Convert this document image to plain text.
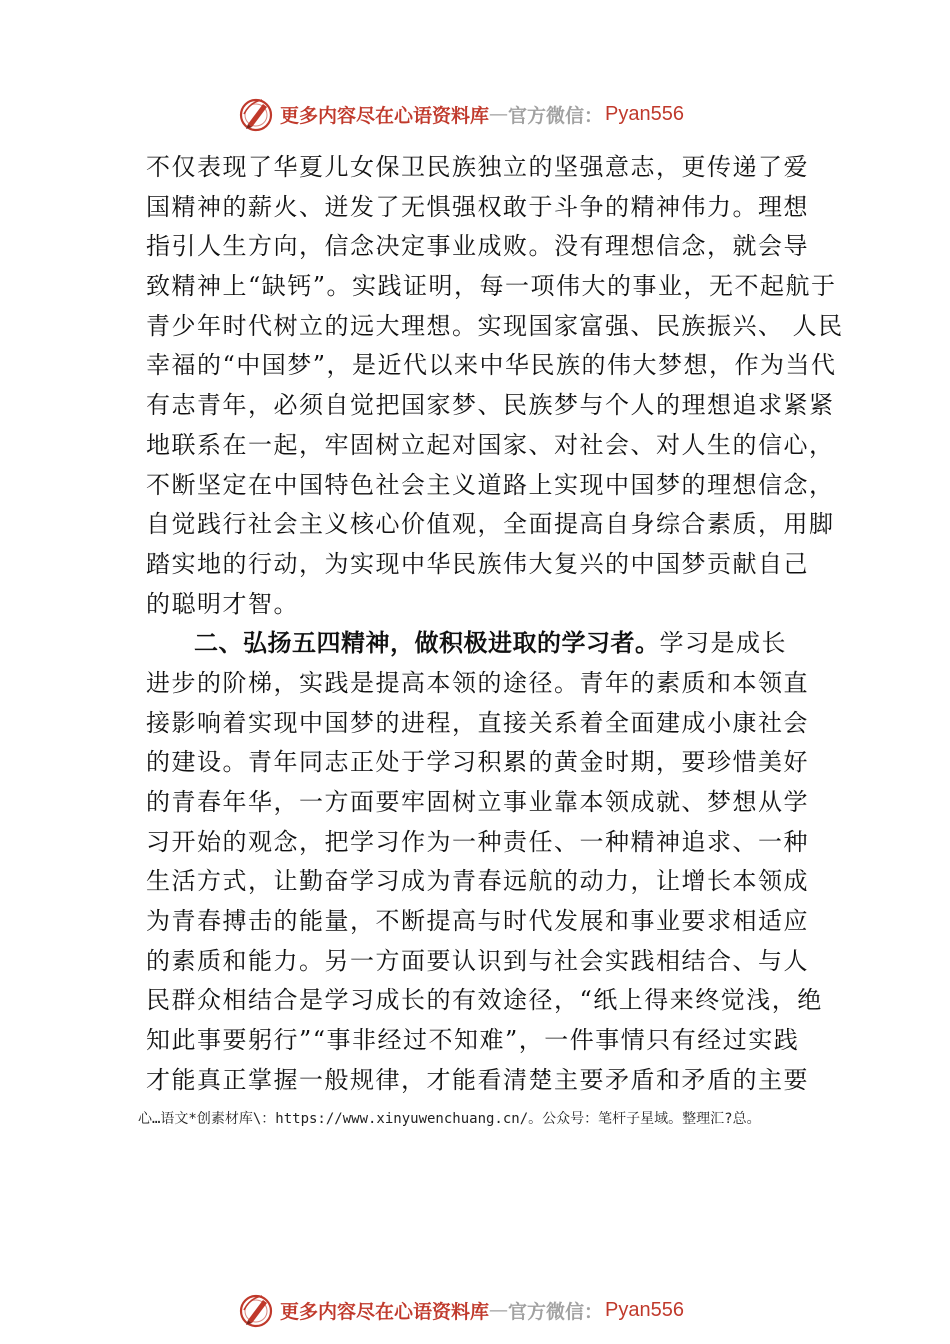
更多内容尽在心语资料库 — 官方微信： Pyan556
不仅表现了华夏儿女保卫民族独立的坚强意志，更传递了爱
国精神的薪火、迸发了无惧强权敢于斗争的精神伟力。理想
指引人生方向，信念决定事业成败。没有理想信念，就会导
致精神上“缺钙”。实践证明，每一项伟大的事业，无不起航于
青少年时代树立的远大理想。实现国家富强、民族振兴、 人民
幸福的“中国梦”，是近代以来中华民族的伟大梦想，作为当代
有志青年，必须自觉把国家梦、民族梦与个人的理想追求紧紧
地联系在一起，牢固树立起对国家、对社会、对人生的信心，
不断坚定在中国特色社会主义道路上实现中国梦的理想信念，
自觉践行社会主义核心价值观，全面提高自身综合素质，用脚
踏实地的行动，为实现中华民族伟大复兴的中国梦贡献自己
的聪明才智。
二、弘扬五四精神，做积极进取的学习者。学习是成长
进步的阶梯，实践是提高本领的途径。青年的素质和本领直
接影响着实现中国梦的进程，直接关系着全面建成小康社会
的建设。青年同志正处于学习积累的黄金时期，要珍惜美好
的青春年华，一方面要牢固树立事业靠本领成就、梦想从学
习开始的观念，把学习作为一种责任、一种精神追求、一种
生活方式，让勤奋学习成为青春远航的动力，让增长本领成
为青春搏击的能量，不断提高与时代发展和事业要求相适应
的素质和能力。另一方面要认识到与社会实践相结合、与人
民群众相结合是学习成长的有效途径，“纸上得来终觉浅，绝
知此事要躬行”“事非经过不知难”，一件事情只有经过实践
才能真正掌握一般规律，才能看清楚主要矛盾和矛盾的主要
心…语文*创素材库\：https://www.xinyuwenchuang.cn/。公众号：笔杆子星域。整理汇?总。
更多内容尽在心语资料库 — 官方微信： Pyan556
